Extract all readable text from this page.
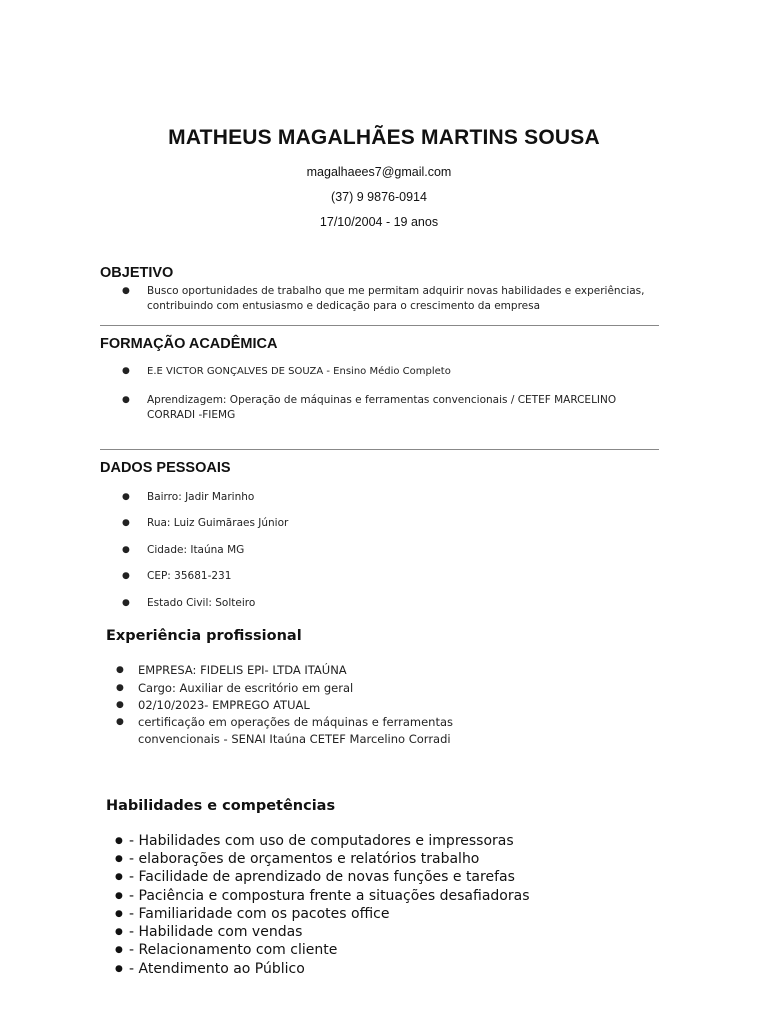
MATHEUS MAGALHÃES MARTINS SOUSA
magalhaees7@gmail.com
(37) 9 9876-0914
17/10/2004 - 19 anos
OBJETIVO
● Busco oportunidades de trabalho que me permitam adquirir novas habilidades e experiências, contribuindo com entusiasmo e dedicação para o crescimento da empresa
FORMAÇÃO ACADÊMICA
● E.E VICTOR GONÇALVES DE SOUZA - Ensino Médio Completo
● Aprendizagem: Operação de máquinas e ferramentas convencionais / CETEF MARCELINO CORRADI -FIEMG
DADOS PESSOAIS
● Bairro: Jadir Marinho
● Rua: Luiz Guimãraes Júnior
● Cidade: Itaúna MG
● CEP: 35681-231
● Estado Civil: Solteiro
Experiência profissional
● EMPRESA: FIDELIS EPI- LTDA ITAÚNA
● Cargo: Auxiliar de escritório em geral
● 02/10/2023- EMPREGO ATUAL
● certificação em operações de máquinas e ferramentas convencionais - SENAI Itaúna CETEF Marcelino Corradi
Habilidades e competências
● - Habilidades com uso de computadores e impressoras
● - elaborações de orçamentos e relatórios trabalho
● - Facilidade de aprendizado de novas funções e tarefas
● - Paciência e compostura frente a situações desafiadoras
● - Familiaridade com os pacotes office
● - Habilidade com vendas
● - Relacionamento com cliente
● - Atendimento ao Público
